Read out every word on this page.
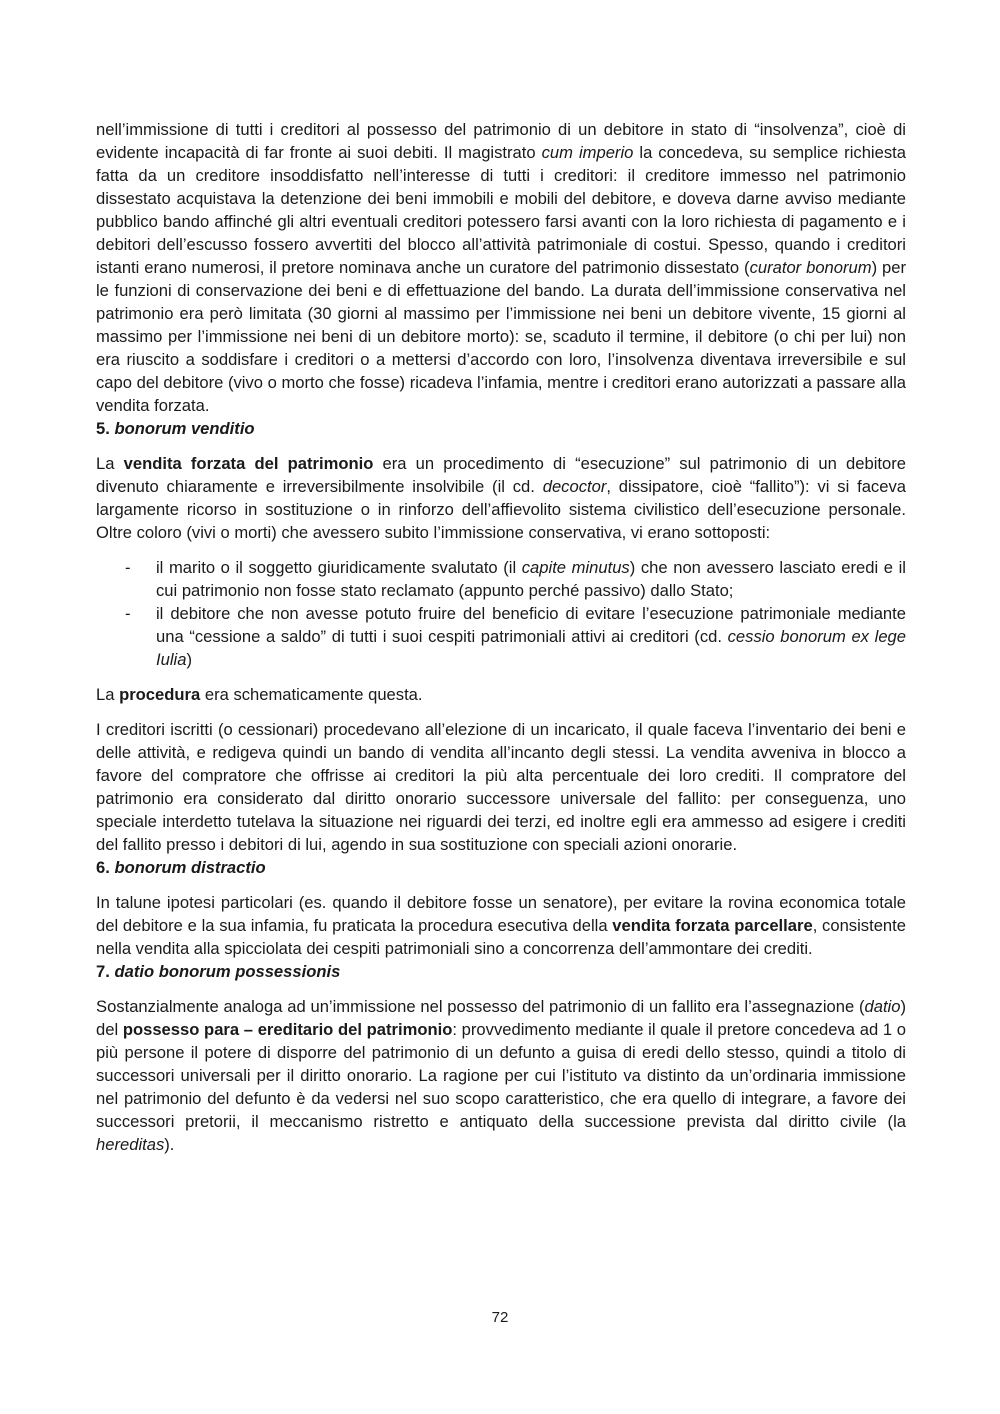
nell’immissione di tutti i creditori al possesso del patrimonio di un debitore in stato di “insolvenza”, cioè di evidente incapacità di far fronte ai suoi debiti. Il magistrato cum imperio la concedeva, su semplice richiesta fatta da un creditore insoddisfatto nell’interesse di tutti i creditori: il creditore immesso nel patrimonio dissestato acquistava la detenzione dei beni immobili e mobili del debitore, e doveva darne avviso mediante pubblico bando affinché gli altri eventuali creditori potessero farsi avanti con la loro richiesta di pagamento e i debitori dell’escusso fossero avvertiti del blocco all’attività patrimoniale di costui. Spesso, quando i creditori istanti erano numerosi, il pretore nominava anche un curatore del patrimonio dissestato (curator bonorum) per le funzioni di conservazione dei beni e di effettuazione del bando. La durata dell’immissione conservativa nel patrimonio era però limitata (30 giorni al massimo per l’immissione nei beni un debitore vivente, 15 giorni al massimo per l’immissione nei beni di un debitore morto): se, scaduto il termine, il debitore (o chi per lui) non era riuscito a soddisfare i creditori o a mettersi d’accordo con loro, l’insolvenza diventava irreversibile e sul capo del debitore (vivo o morto che fosse) ricadeva l’infamia, mentre i creditori erano autorizzati a passare alla vendita forzata.

5. bonorum venditio

La vendita forzata del patrimonio era un procedimento di “esecuzione” sul patrimonio di un debitore divenuto chiaramente e irreversibilmente insolvibile (il cd. decoctor, dissipatore, cioè “fallito”): vi si faceva largamente ricorso in sostituzione o in rinforzo dell’affievolito sistema civilistico dell’esecuzione personale. Oltre coloro (vivi o morti) che avessero subito l’immissione conservativa, vi erano sottoposti:

- il marito o il soggetto giuridicamente svalutato (il capite minutus) che non avessero lasciato eredi e il cui patrimonio non fosse stato reclamato (appunto perché passivo) dallo Stato;
- il debitore che non avesse potuto fruire del beneficio di evitare l’esecuzione patrimoniale mediante una “cessione a saldo” di tutti i suoi cespiti patrimoniali attivi ai creditori (cd. cessio bonorum ex lege Iulia)

La procedura era schematicamente questa.

I creditori iscritti (o cessionari) procedevano all’elezione di un incaricato, il quale faceva l’inventario dei beni e delle attività, e redigeva quindi un bando di vendita all’incanto degli stessi. La vendita avveniva in blocco a favore del compratore che offrisse ai creditori la più alta percentuale dei loro crediti. Il compratore del patrimonio era considerato dal diritto onorario successore universale del fallito: per conseguenza, uno speciale interdetto tutelava la situazione nei riguardi dei terzi, ed inoltre egli era ammesso ad esigere i crediti del fallito presso i debitori di lui, agendo in sua sostituzione con speciali azioni onorarie.

6. bonorum distractio

In talune ipotesi particolari (es. quando il debitore fosse un senatore), per evitare la rovina economica totale del debitore e la sua infamia, fu praticata la procedura esecutiva della vendita forzata parcellare, consistente nella vendita alla spicciolata dei cespiti patrimoniali sino a concorrenza dell’ammontare dei crediti.

7. datio bonorum possessionis

Sostanzialmente analoga ad un’immissione nel possesso del patrimonio di un fallito era l’assegnazione (datio) del possesso para – ereditario del patrimonio: provvedimento mediante il quale il pretore concedeva ad 1 o più persone il potere di disporre del patrimonio di un defunto a guisa di eredi dello stesso, quindi a titolo di successori universali per il diritto onorario. La ragione per cui l’istituto va distinto da un’ordinaria immissione nel patrimonio del defunto è da vedersi nel suo scopo caratteristico, che era quello di integrare, a favore dei successori pretorii, il meccanismo ristretto e antiquato della successione prevista dal diritto civile (la hereditas).

72
